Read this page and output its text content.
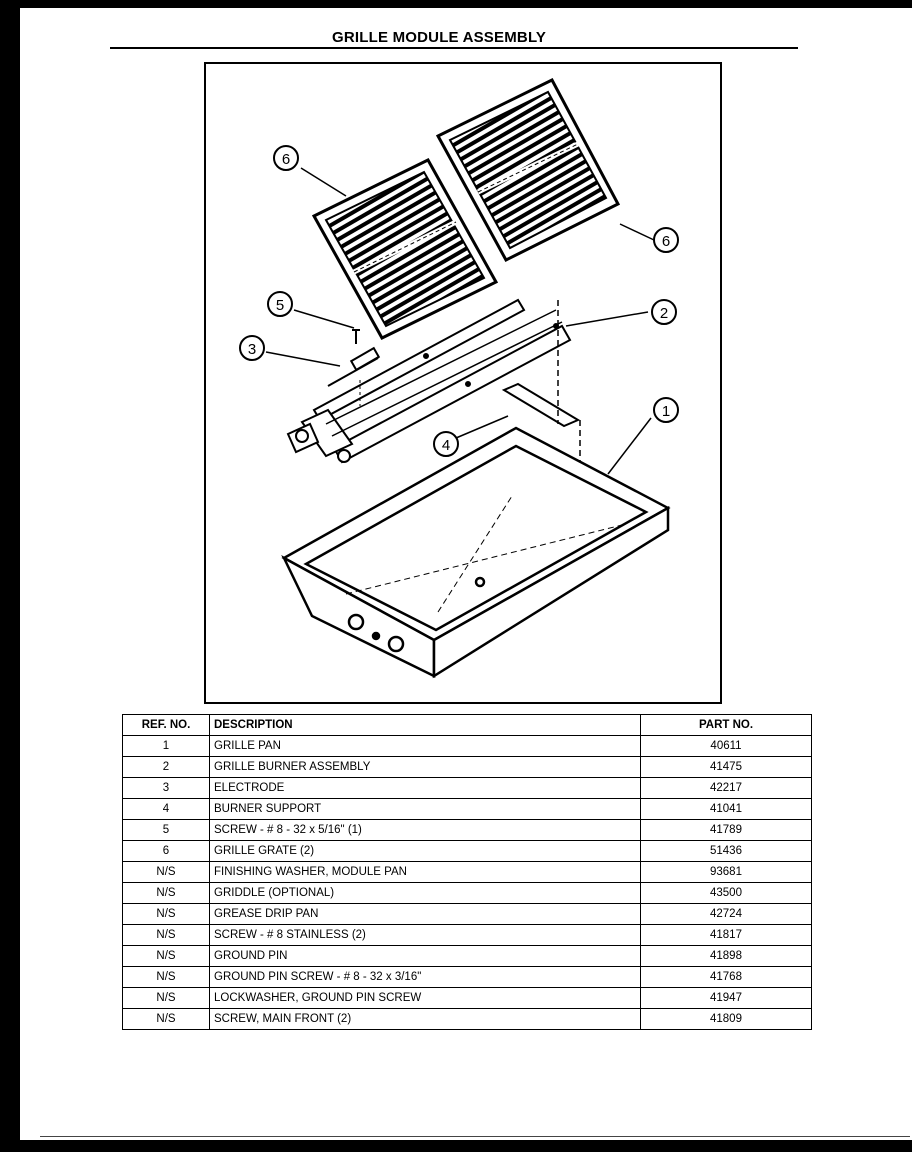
GRILLE MODULE ASSEMBLY
6
6
2
5
3
4
1
REF. NO.	DESCRIPTION	PART NO.
1	GRILLE PAN	40611
2	GRILLE BURNER ASSEMBLY	41475
3	ELECTRODE	42217
4	BURNER SUPPORT	41041
5	SCREW - # 8 - 32 x 5/16" (1)	41789
6	GRILLE GRATE (2)	51436
N/S	FINISHING WASHER, MODULE PAN	93681
N/S	GRIDDLE (OPTIONAL)	43500
N/S	GREASE DRIP PAN	42724
N/S	SCREW - # 8 STAINLESS (2)	41817
N/S	GROUND PIN	41898
N/S	GROUND PIN SCREW - # 8 - 32 x 3/16"	41768
N/S	LOCKWASHER, GROUND PIN SCREW	41947
N/S	SCREW, MAIN FRONT (2)	41809
